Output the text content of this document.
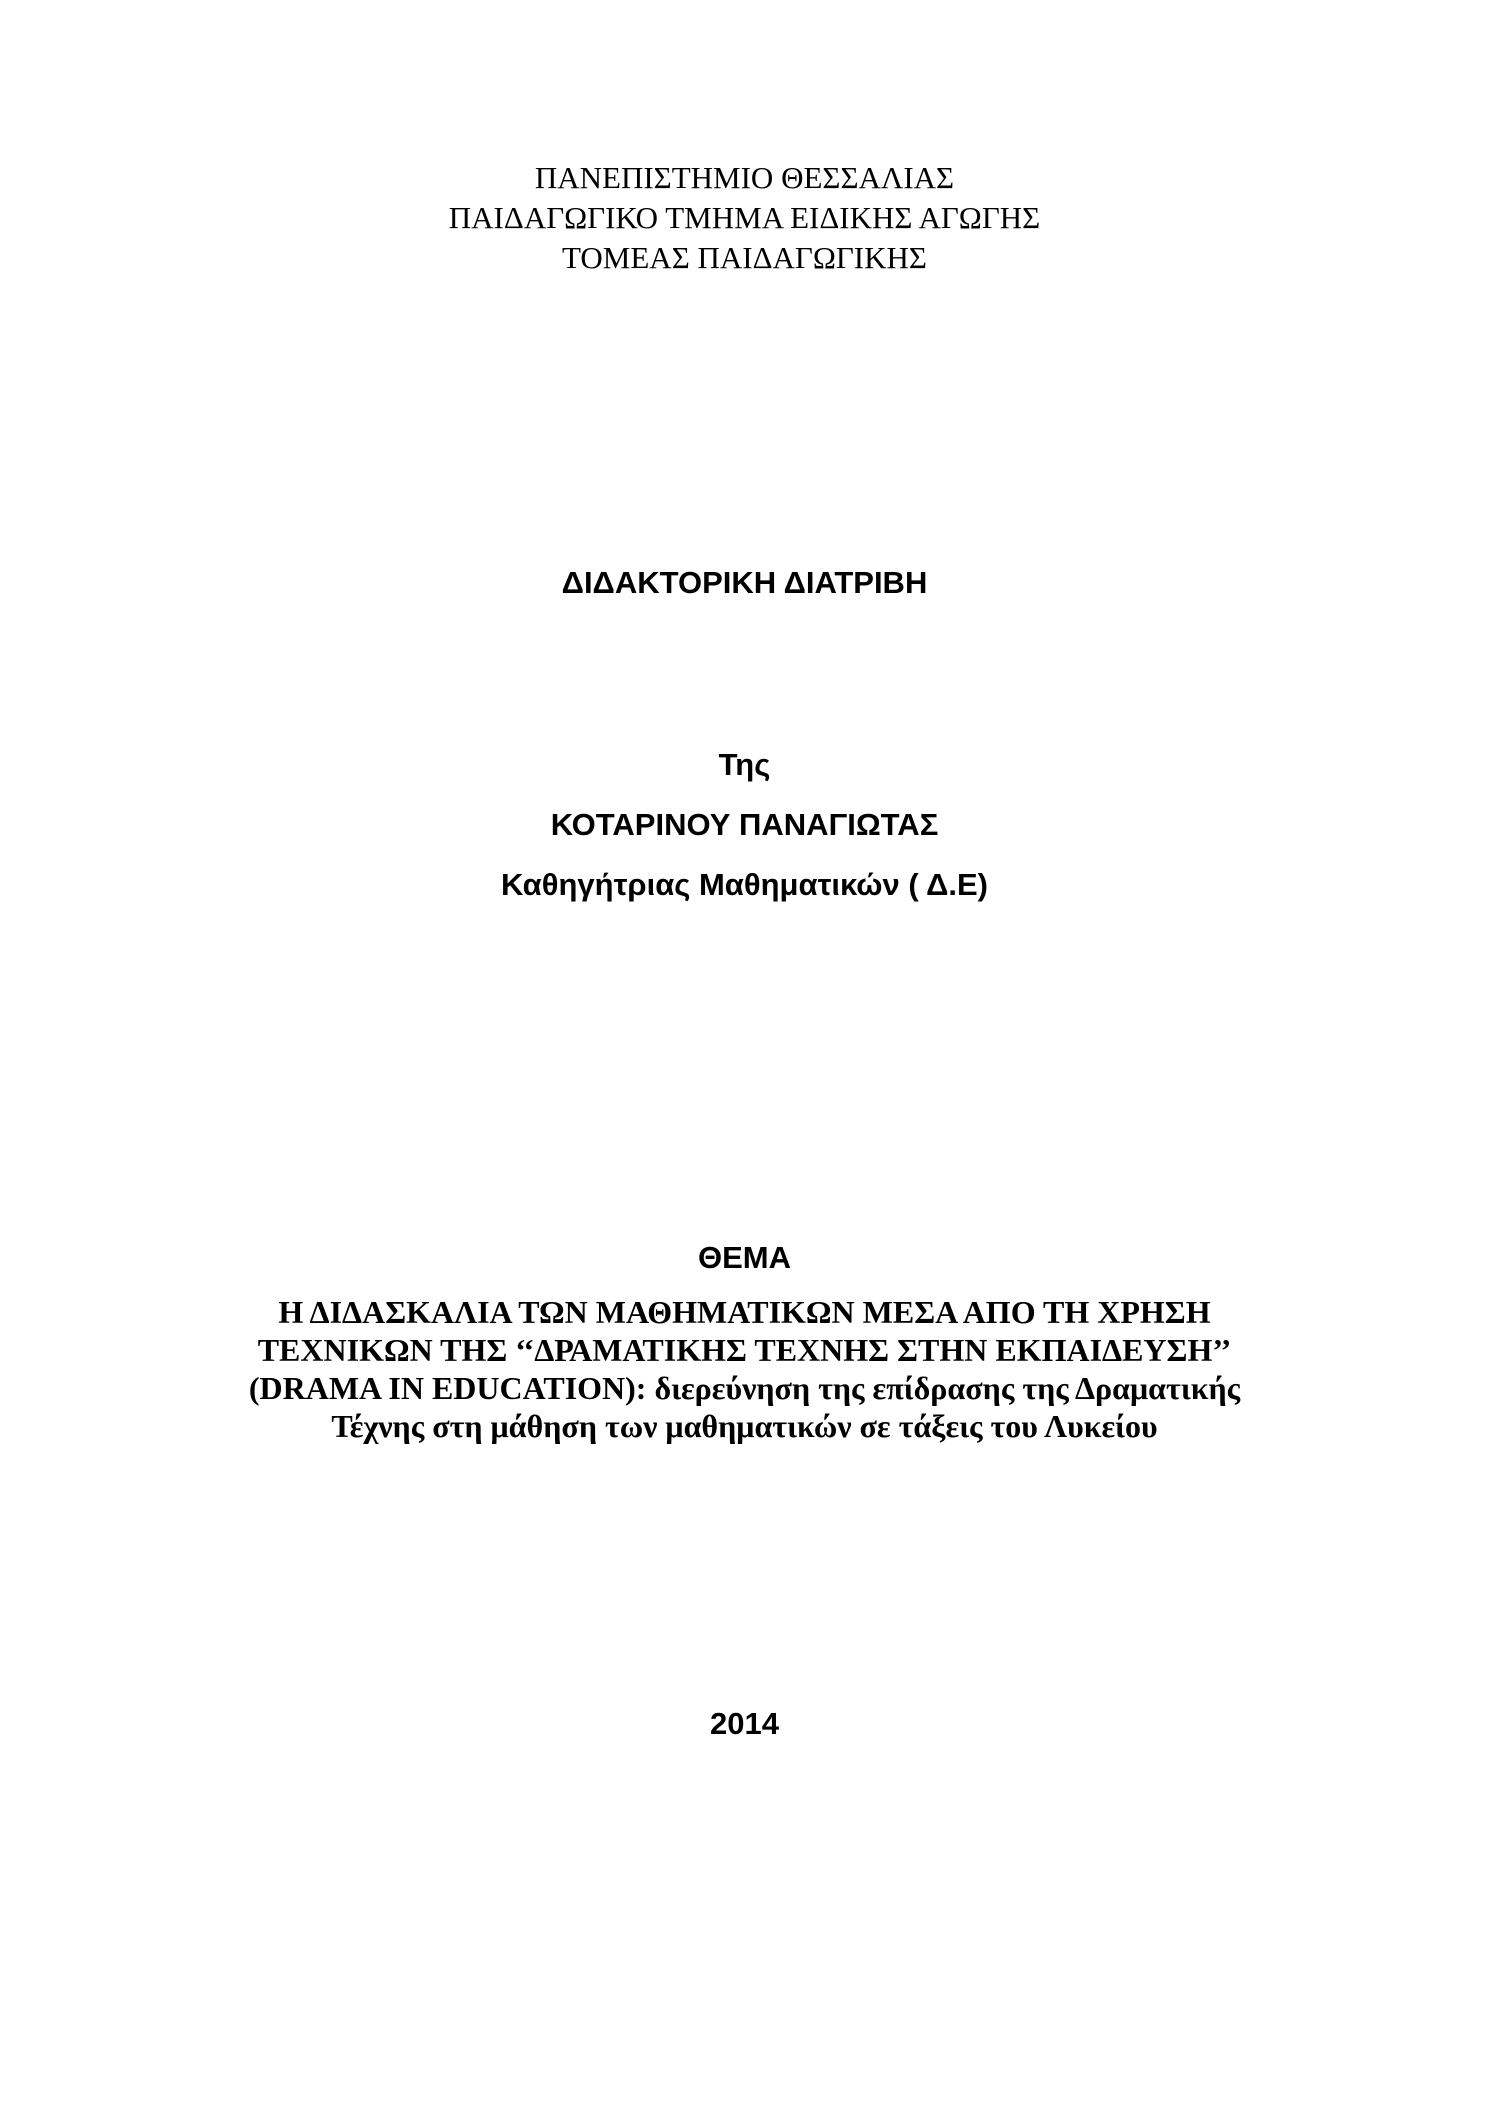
ΠΑΝΕΠΙΣΤΗΜΙΟ ΘΕΣΣΑΛΙΑΣ
ΠΑΙΔΑΓΩΓΙΚΟ ΤΜΗΜΑ ΕΙΔΙΚΗΣ ΑΓΩΓΗΣ
ΤΟΜΕΑΣ ΠΑΙΔΑΓΩΓΙΚΗΣ
ΔΙΔΑΚΤΟΡΙΚΗ ΔΙΑΤΡΙΒΗ
Της
ΚΟΤΑΡΙΝΟΥ ΠΑΝΑΓΙΩΤΑΣ
Καθηγήτριας Μαθηματικών ( Δ.Ε)
ΘΕΜΑ
Η ΔΙΔΑΣΚΑΛΙΑ ΤΩΝ ΜΑΘΗΜΑΤΙΚΩΝ ΜΕΣΑ ΑΠΟ ΤΗ ΧΡΗΣΗ
ΤΕΧΝΙΚΩΝ ΤΗΣ ‘‘ΔΡΑΜΑΤΙΚΗΣ ΤΕΧΝΗΣ ΣΤΗΝ ΕΚΠΑΙΔΕΥΣΗ’’
(DRAMA IN EDUCATION): διερεύνηση της επίδρασης της Δραματικής
Τέχνης στη μάθηση των μαθηματικών σε τάξεις του Λυκείου
2014
